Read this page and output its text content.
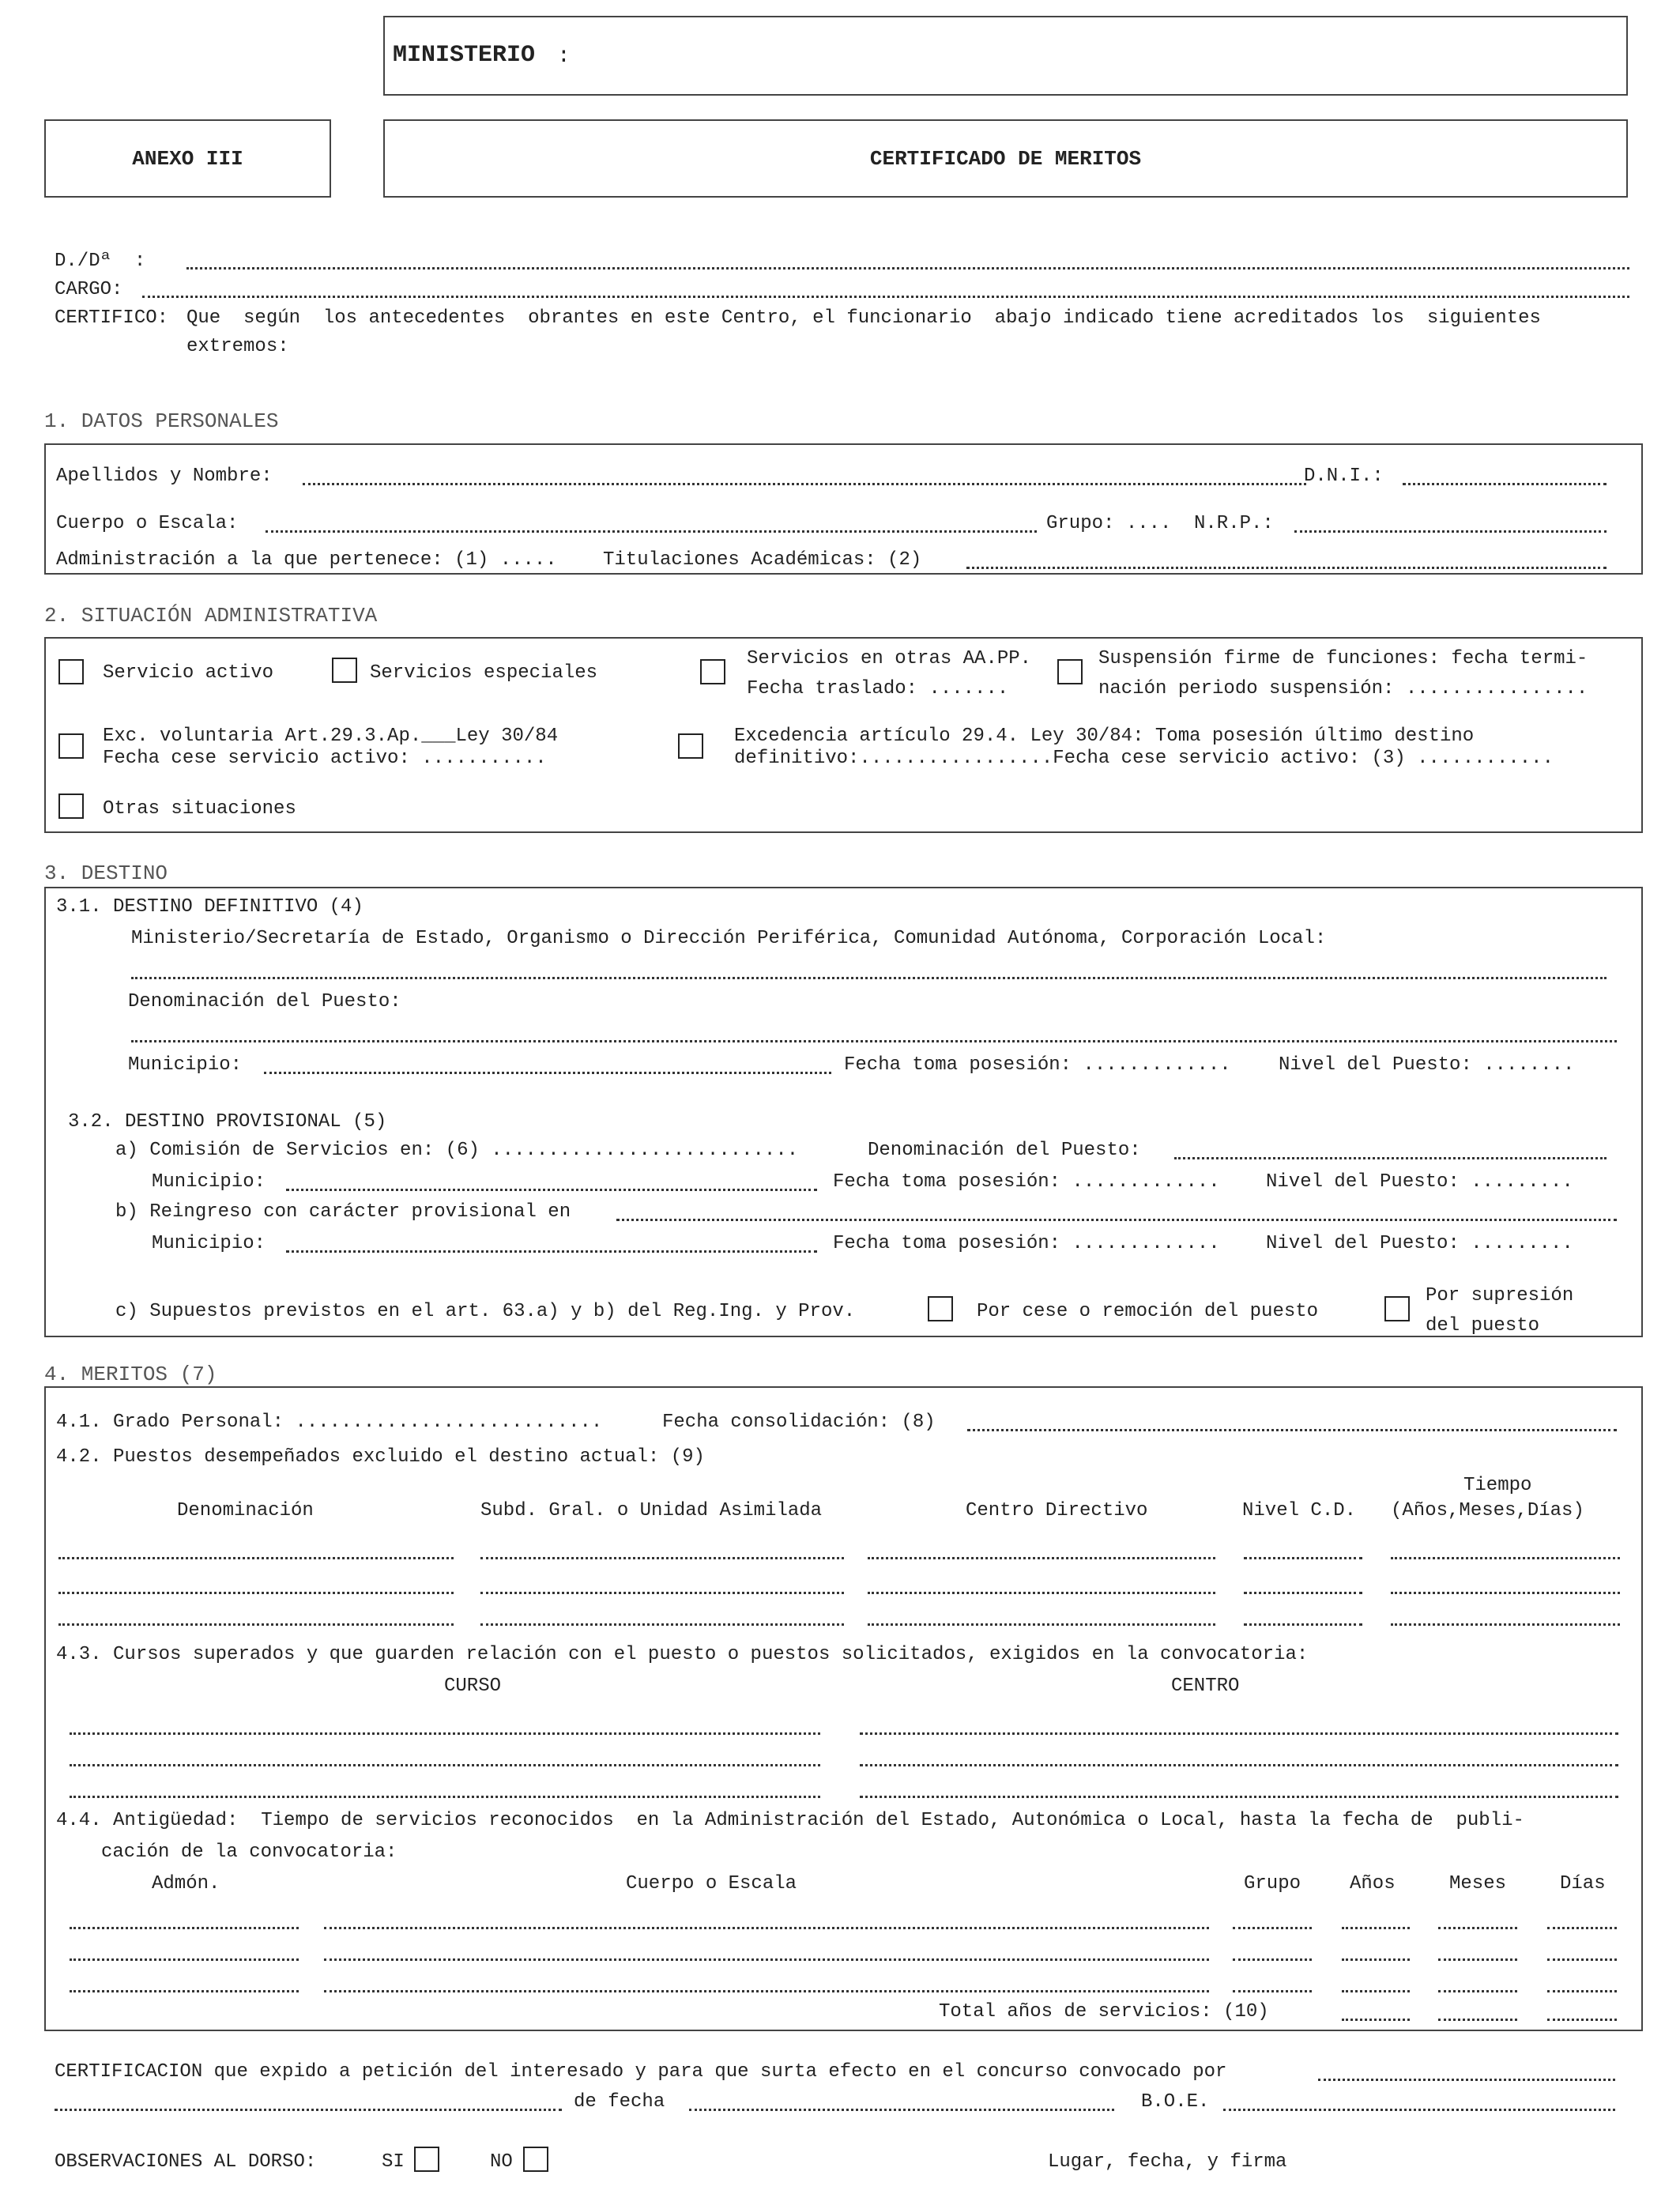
MINISTERIO :
ANEXO III	CERTIFICADO DE MERITOS
D./Dª  :
CARGO:
CERTIFICO: Que  según  los antecedentes  obrantes en este Centro, el funcionario  abajo indicado tiene acreditados los  siguientes
extremos:
1. DATOS PERSONALES
Apellidos y Nombre:	D.N.I.:
Cuerpo o Escala:	Grupo: .... N.R.P.:
Administración a la que pertenece: (1) ..... Titulaciones Académicas: (2)
2. SITUACIÓN ADMINISTRATIVA
Servicio activo	Servicios especiales
Servicios en otras AA.PP.
Fecha traslado: .......
Suspensión firme de funciones: fecha termi-
nación periodo suspensión: ................
Exc. voluntaria Art.29.3.Ap.___Ley 30/84
Fecha cese servicio activo: ...........
Excedencia artículo 29.4. Ley 30/84: Toma posesión último destino
definitivo:.................Fecha cese servicio activo: (3) ............
Otras situaciones
3. DESTINO
3.1. DESTINO DEFINITIVO (4)
Ministerio/Secretaría de Estado, Organismo o Dirección Periférica, Comunidad Autónoma, Corporación Local:
Denominación del Puesto:
Municipio:	Fecha toma posesión: .............	Nivel del Puesto: ........
3.2. DESTINO PROVISIONAL (5)
a) Comisión de Servicios en: (6) ...........................	Denominación del Puesto:
Municipio:	Fecha toma posesión: ............. Nivel del Puesto: .........
b) Reingreso con carácter provisional en
Municipio:	Fecha toma posesión: ............. Nivel del Puesto: .........
c) Supuestos previstos en el art. 63.a) y b) del Reg.Ing. y Prov.	Por cese o remoción del puesto
Por supresión
del puesto
4. MERITOS (7)
4.1. Grado Personal: ...........................	Fecha consolidación: (8)
4.2. Puestos desempeñados excluido el destino actual: (9)
Tiempo
Denominación	Subd. Gral. o Unidad Asimilada	Centro Directivo	Nivel C.D. (Años,Meses,Días)
4.3. Cursos superados y que guarden relación con el puesto o puestos solicitados, exigidos en la convocatoria:
CURSO	CENTRO
4.4. Antigüedad:  Tiempo de servicios reconocidos  en la Administración del Estado, Autonómica o Local, hasta la fecha de  publi-
cación de la convocatoria:
Admón.	Cuerpo o Escala	Grupo	Años	Meses	Días
Total años de servicios: (10)
CERTIFICACION que expido a petición del interesado y para que surta efecto en el concurso convocado por
de fecha	B.O.E.
OBSERVACIONES AL DORSO:	SI	NO	Lugar, fecha, y firma
